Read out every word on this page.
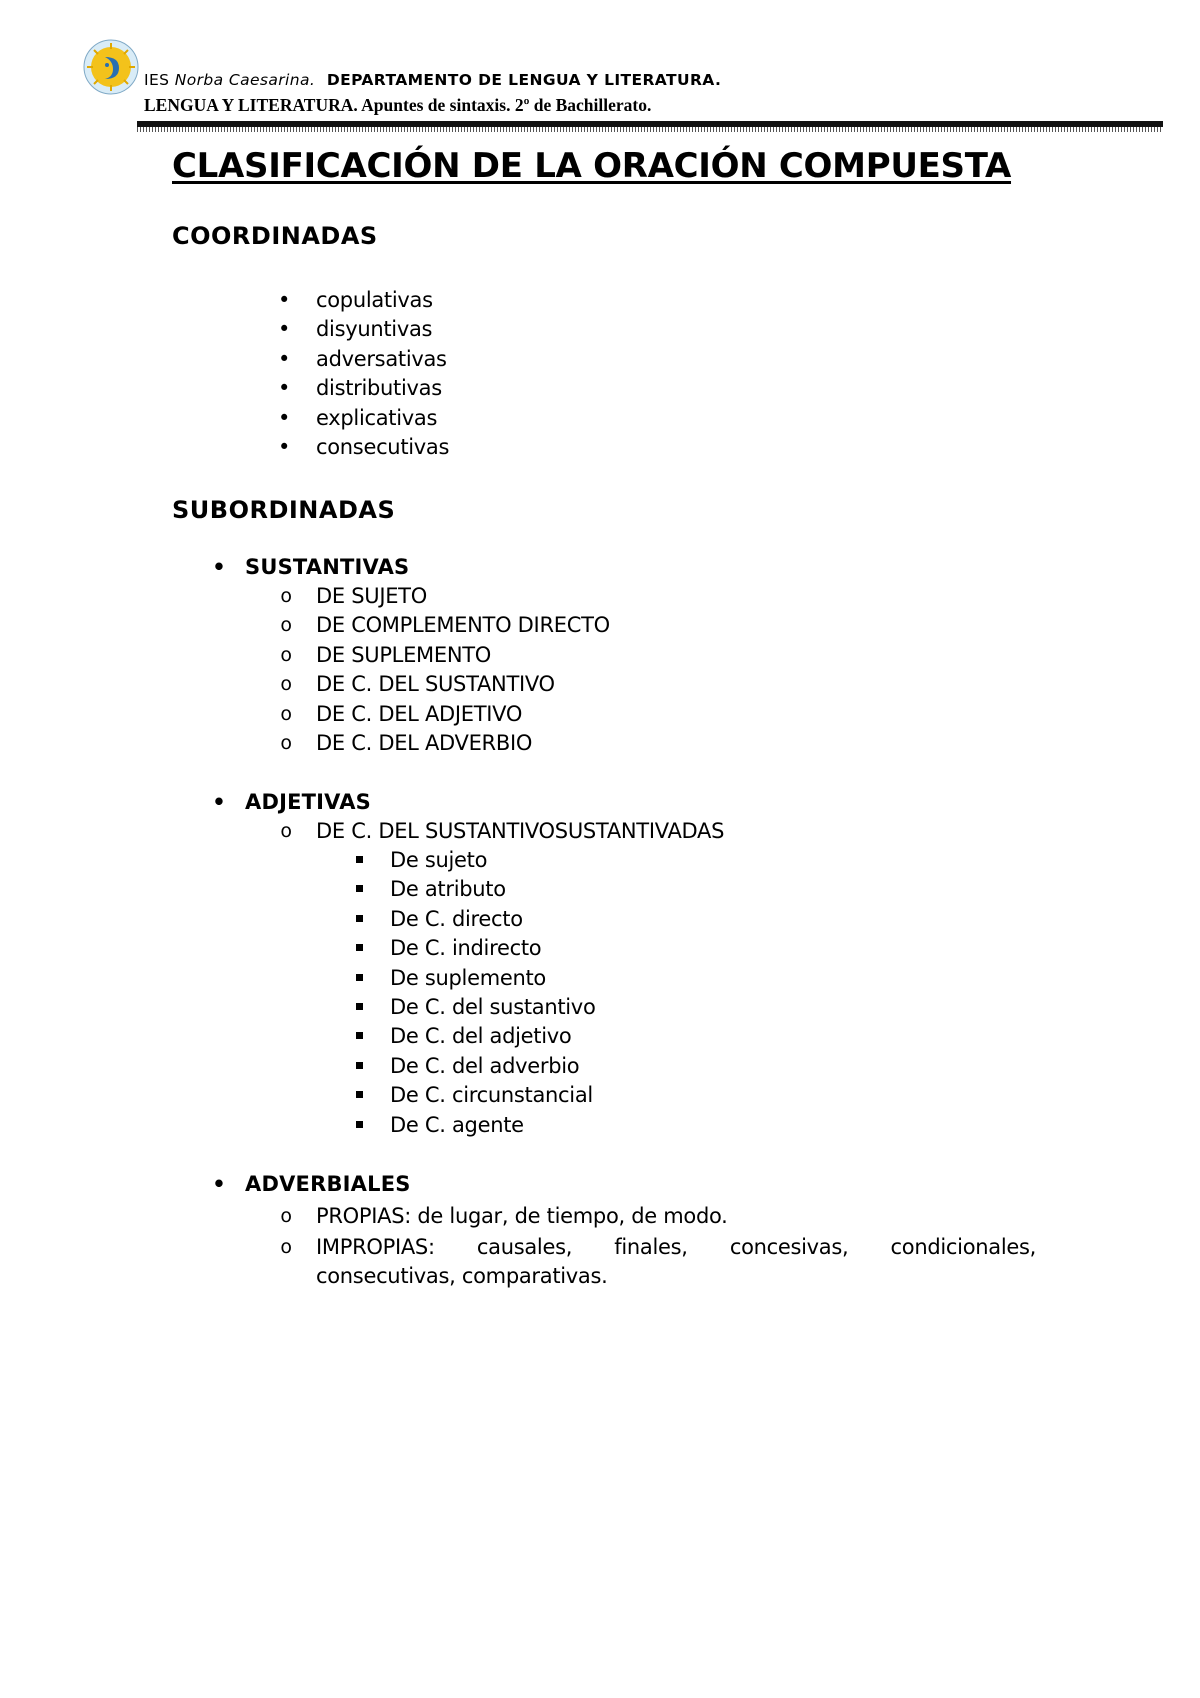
IES Norba Caesarina. DEPARTAMENTO DE LENGUA Y LITERATURA.
LENGUA Y LITERATURA. Apuntes de sintaxis. 2º de Bachillerato.
CLASIFICACIÓN DE LA ORACIÓN COMPUESTA
COORDINADAS
• copulativas
• disyuntivas
• adversativas
• distributivas
• explicativas
• consecutivas
SUBORDINADAS
• SUSTANTIVAS
o DE SUJETO
o DE COMPLEMENTO DIRECTO
o DE SUPLEMENTO
o DE C. DEL SUSTANTIVO
o DE C. DEL ADJETIVO
o DE C. DEL ADVERBIO
• ADJETIVAS
o DE C. DEL SUSTANTIVOSUSTANTIVADAS
De sujeto
De atributo
De C. directo
De C. indirecto
De suplemento
De C. del sustantivo
De C. del adjetivo
De C. del adverbio
De C. circunstancial
De C. agente
• ADVERBIALES
o PROPIAS: de lugar, de tiempo, de modo.
o IMPROPIAS: causales, finales, concesivas, condicionales, consecutivas, comparativas.
